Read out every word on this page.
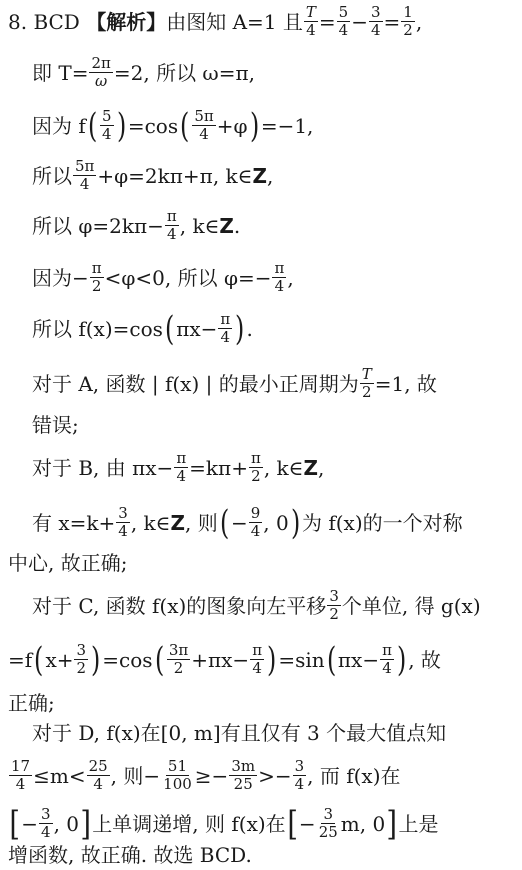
8. BCD
【解析】 由图知 A=1 且 $\frac{T}{4} = \frac{5}{4} - \frac{3}{4} = \frac{1}{2}$ ,
即 $T= \frac{2\pi}{\omega} =2$, 所以 ω=π,
因为 f ( $\frac{5}{4}$ ) =cos ( $\frac{5\pi}{4} +\varphi$ ) =−1,
所以 $\frac{5\pi}{4} +\varphi=2k\pi+\pi$, k∈ Z ,
所以 $\varphi=2k\pi- \frac{\pi}{4}$ , k∈ Z .
因为− $\frac{\pi}{2} <\varphi<0$, 所以 $\varphi=- \frac{\pi}{4}$ ,
所以 f(x)=cos ( $\pi x- \frac{\pi}{4}$ ) .
对于 A, 函数 | f(x) | 的最小正周期为 $\frac{T}{2} =1$, 故
错误;
对于 B, 由 $\pi x- \frac{\pi}{4} =k\pi+ \frac{\pi}{2}$ , k∈ Z ,
有 $x=k+ \frac{3}{4}$ , k∈ Z , 则 ( − $\frac{9}{4}$ , 0 ) 为 f(x)的一个对称
中心, 故正确;
对于 C, 函数 f(x)的图象向左平移 $\frac{3}{2}$ 个单位, 得 g(x)
=f ( $x+ \frac{3}{2}$ ) =cos ( $\frac{3\pi}{2} +\pi x- \frac{\pi}{4}$ ) =sin ( $\pi x- \frac{\pi}{4}$ ) , 故
正确;
对于 D, f(x)在[0, m]有且仅有 3 个最大值点知
$\frac{17}{4} \le m< \frac{25}{4}$ , 则− $\frac{51}{100} \ge- \frac{3m}{25} >- \frac{3}{4}$ , 而 f(x)在
[ − $\frac{3}{4}$ , 0 ] 上单调递增, 则 f(x)在 [ − $\frac{3}{25} m$, 0 ] 上是
增函数, 故正确. 故选 BCD.
